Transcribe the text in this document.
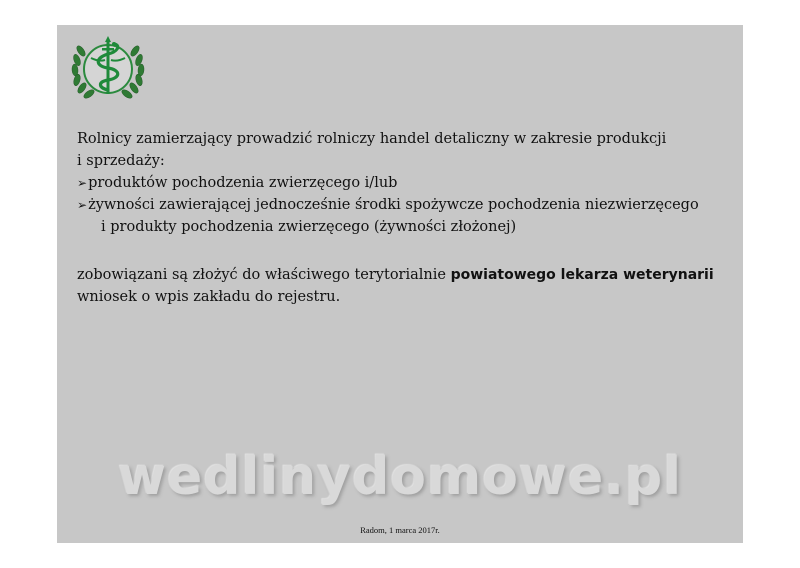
Rolnicy zamierzający prowadzić rolniczy handel detaliczny w zakresie produkcji
i sprzedaży:
➢produktów pochodzenia zwierzęcego i/lub
➢żywności zawierającej jednocześnie środki spożywcze pochodzenia niezwierzęcego
i produkty pochodzenia zwierzęcego (żywności złożonej)
zobowiązani są złożyć do właściwego terytorialnie powiatowego lekarza weterynarii
wniosek o wpis zakładu do rejestru.
wedlinydomowe.pl
Radom, 1 marca 2017r.
